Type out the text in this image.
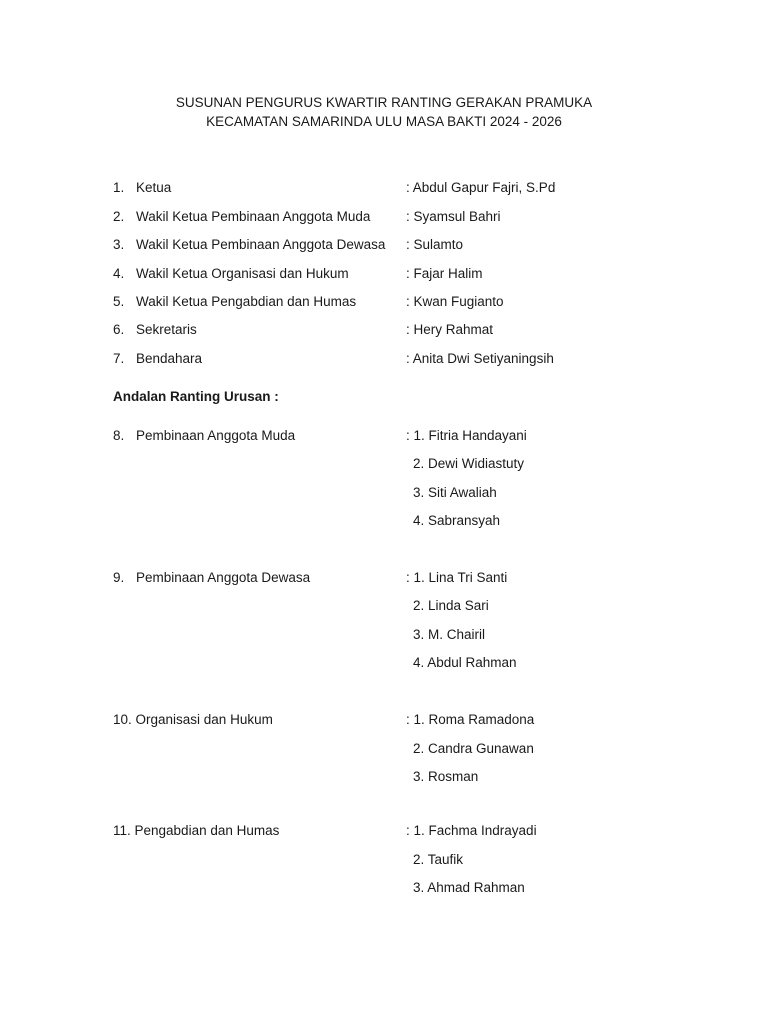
SUSUNAN PENGURUS KWARTIR RANTING GERAKAN PRAMUKA
KECAMATAN SAMARINDA ULU MASA BAKTI 2024 - 2026
1. Ketua	: Abdul Gapur Fajri, S.Pd
2. Wakil Ketua Pembinaan Anggota Muda	: Syamsul Bahri
3. Wakil Ketua Pembinaan Anggota Dewasa : Sulamto
4. Wakil Ketua Organisasi dan Hukum	: Fajar Halim
5. Wakil Ketua Pengabdian dan Humas	: Kwan Fugianto
6. Sekretaris	: Hery Rahmat
7. Bendahara	: Anita Dwi Setiyaningsih
Andalan Ranting Urusan :
8. Pembinaan Anggota Muda	: 1. Fitria Handayani
2. Dewi Widiastuty
3. Siti Awaliah
4. Sabransyah
9. Pembinaan Anggota Dewasa	: 1. Lina Tri Santi
2. Linda Sari
3. M. Chairil
4. Abdul Rahman
10. Organisasi dan Hukum	: 1. Roma Ramadona
2. Candra Gunawan
3. Rosman
11. Pengabdian dan Humas	: 1. Fachma Indrayadi
2. Taufik
3. Ahmad Rahman
